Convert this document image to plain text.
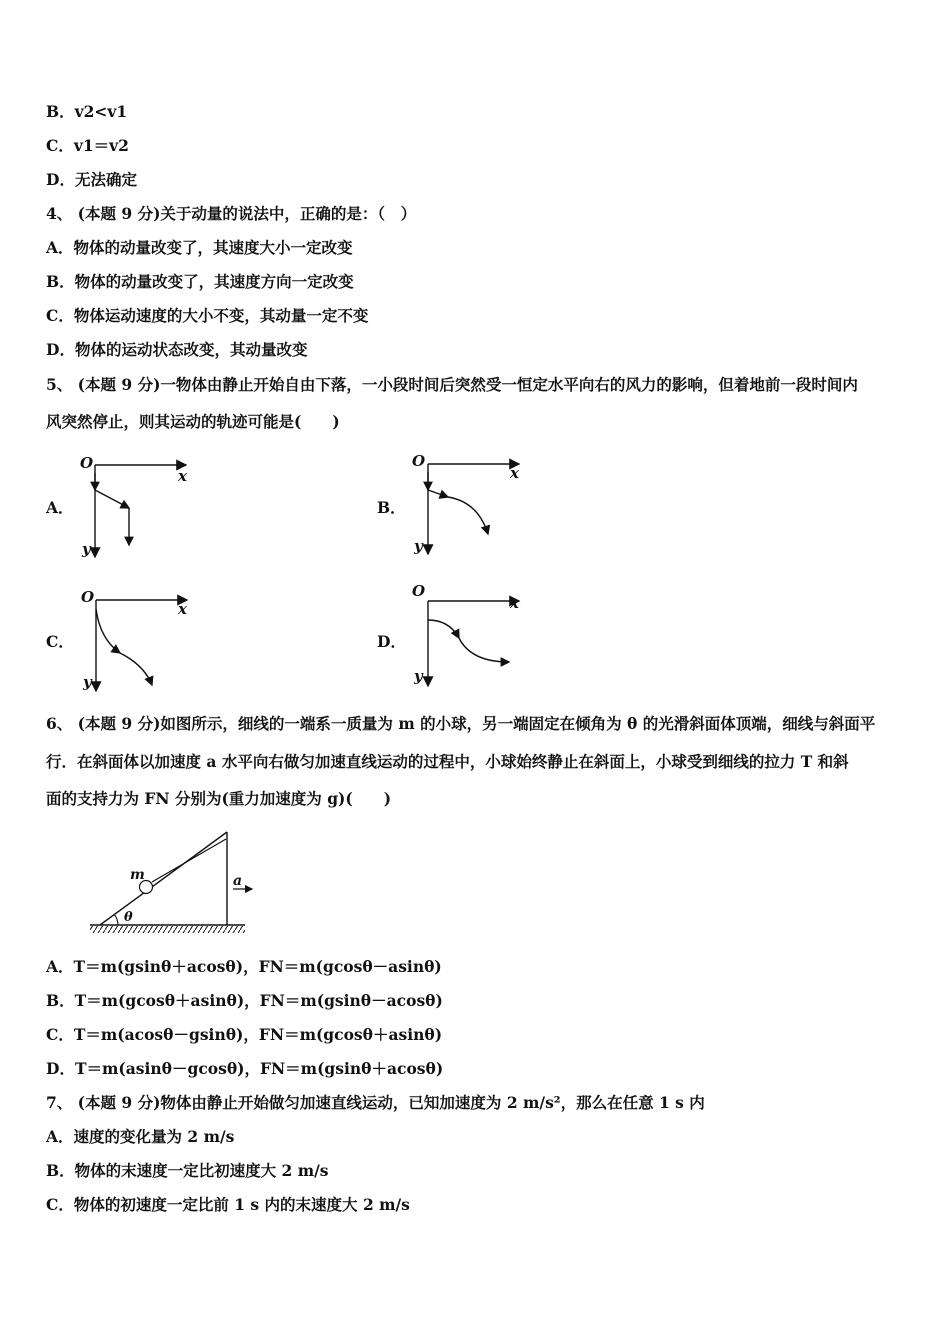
B．v2<v1
C．v1＝v2
D．无法确定
4、 (本题 9 分)关于动量的说法中，正确的是：（　）
A．物体的动量改变了，其速度大小一定改变
B．物体的动量改变了，其速度方向一定改变
C．物体运动速度的大小不变，其动量一定不变
D．物体的运动状态改变，其动量改变
5、 (本题 9 分)一物体由静止开始自由下落，一小段时间后突然受一恒定水平向右的风力的影响，但着地前一段时间内
风突然停止，则其运动的轨迹可能是(　　)
A．	B．
C．	D．
O
x
y
O
x
y
O
x
y
O
x
y
6、 (本题 9 分)如图所示，细线的一端系一质量为 m 的小球，另一端固定在倾角为 θ 的光滑斜面体顶端，细线与斜面平
行．在斜面体以加速度 a 水平向右做匀加速直线运动的过程中，小球始终静止在斜面上，小球受到细线的拉力 T 和斜
面的支持力为 FN 分别为(重力加速度为 g)(　　)
m
θ
a
A．T＝m(gsinθ＋acosθ)，FN＝m(gcosθ－asinθ)
B．T＝m(gcosθ＋asinθ)，FN＝m(gsinθ－acosθ)
C．T＝m(acosθ－gsinθ)，FN＝m(gcosθ＋asinθ)
D．T＝m(asinθ－gcosθ)，FN＝m(gsinθ＋acosθ)
7、 (本题 9 分)物体由静止开始做匀加速直线运动，已知加速度为 2 m/s²，那么在任意 1 s 内
A．速度的变化量为 2 m/s
B．物体的末速度一定比初速度大 2 m/s
C．物体的初速度一定比前 1 s 内的末速度大 2 m/s
